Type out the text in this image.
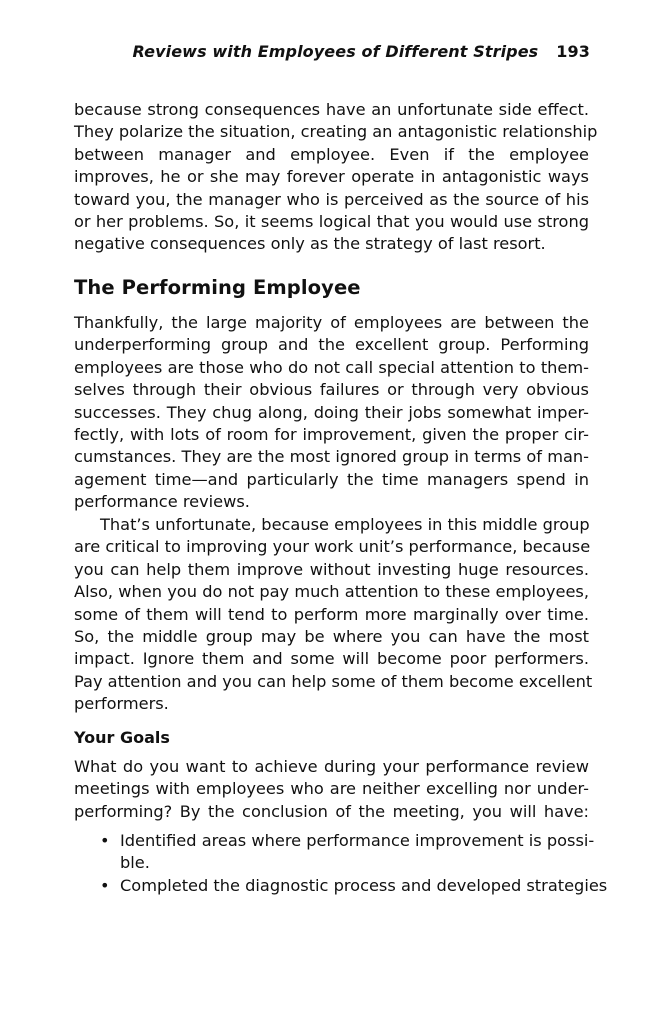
Reviews with Employees of Different Stripes 193

because strong consequences have an unfortunate side effect.
They polarize the situation, creating an antagonistic relationship
between manager and employee. Even if the employee
improves, he or she may forever operate in antagonistic ways
toward you, the manager who is perceived as the source of his
or her problems. So, it seems logical that you would use strong
negative consequences only as the strategy of last resort.

The Performing Employee

Thankfully, the large majority of employees are between the
underperforming group and the excellent group. Performing
employees are those who do not call special attention to them-
selves through their obvious failures or through very obvious
successes. They chug along, doing their jobs somewhat imper-
fectly, with lots of room for improvement, given the proper cir-
cumstances. They are the most ignored group in terms of man-
agement time—and particularly the time managers spend in
performance reviews.

That’s unfortunate, because employees in this middle group
are critical to improving your work unit’s performance, because
you can help them improve without investing huge resources.
Also, when you do not pay much attention to these employees,
some of them will tend to perform more marginally over time.
So, the middle group may be where you can have the most
impact. Ignore them and some will become poor performers.
Pay attention and you can help some of them become excellent
performers.

Your Goals

What do you want to achieve during your performance review
meetings with employees who are neither excelling nor under-
performing? By the conclusion of the meeting, you will have:

• Identified areas where performance improvement is possi-
ble.
• Completed the diagnostic process and developed strategies
